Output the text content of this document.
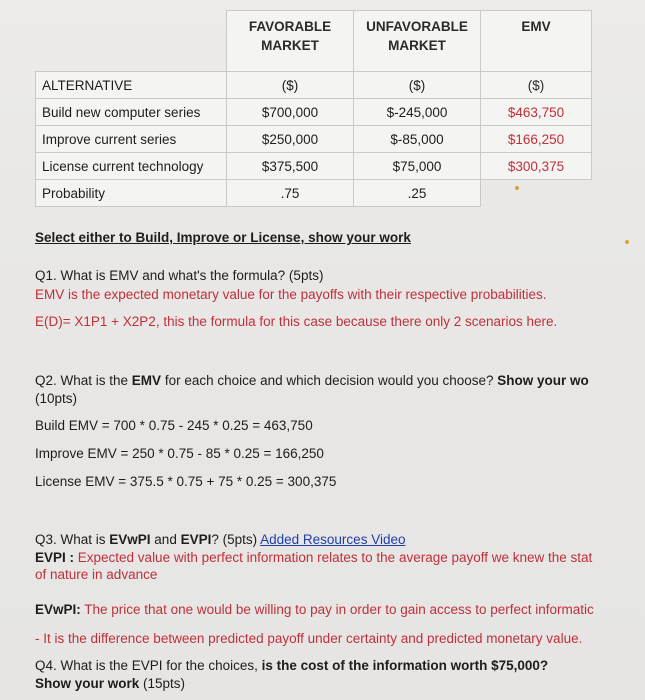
	FAVORABLE MARKET	UNFAVORABLE MARKET	EMV
ALTERNATIVE	($)	($)	($)
Build new computer series	$700,000	$-245,000	$463,750
Improve current series	$250,000	$-85,000	$166,250
License current technology	$375,500	$75,000	$300,375
Probability	.75	.25	
Select either to Build, Improve or License, show your work
Q1. What is EMV and what's the formula? (5pts)
EMV is the expected monetary value for the payoffs with their respective probabilities.
E(D)= X1P1 + X2P2, this the formula for this case because there only 2 scenarios here.
Q2. What is the EMV for each choice and which decision would you choose? Show your wo
(10pts)
Build EMV = 700 * 0.75 - 245 * 0.25 = 463,750
Improve EMV = 250 * 0.75 - 85 * 0.25 = 166,250
License EMV = 375.5 * 0.75 + 75 * 0.25 = 300,375
Q3. What is EVwPI and EVPI? (5pts) Added Resources Video
EVPI : Expected value with perfect information relates to the average payoff we knew the stat
of nature in advance
EVwPI: The price that one would be willing to pay in order to gain access to perfect informatic
- It is the difference between predicted payoff under certainty and predicted monetary value.
Q4. What is the EVPI for the choices, is the cost of the information worth $75,000?
Show your work (15pts)
